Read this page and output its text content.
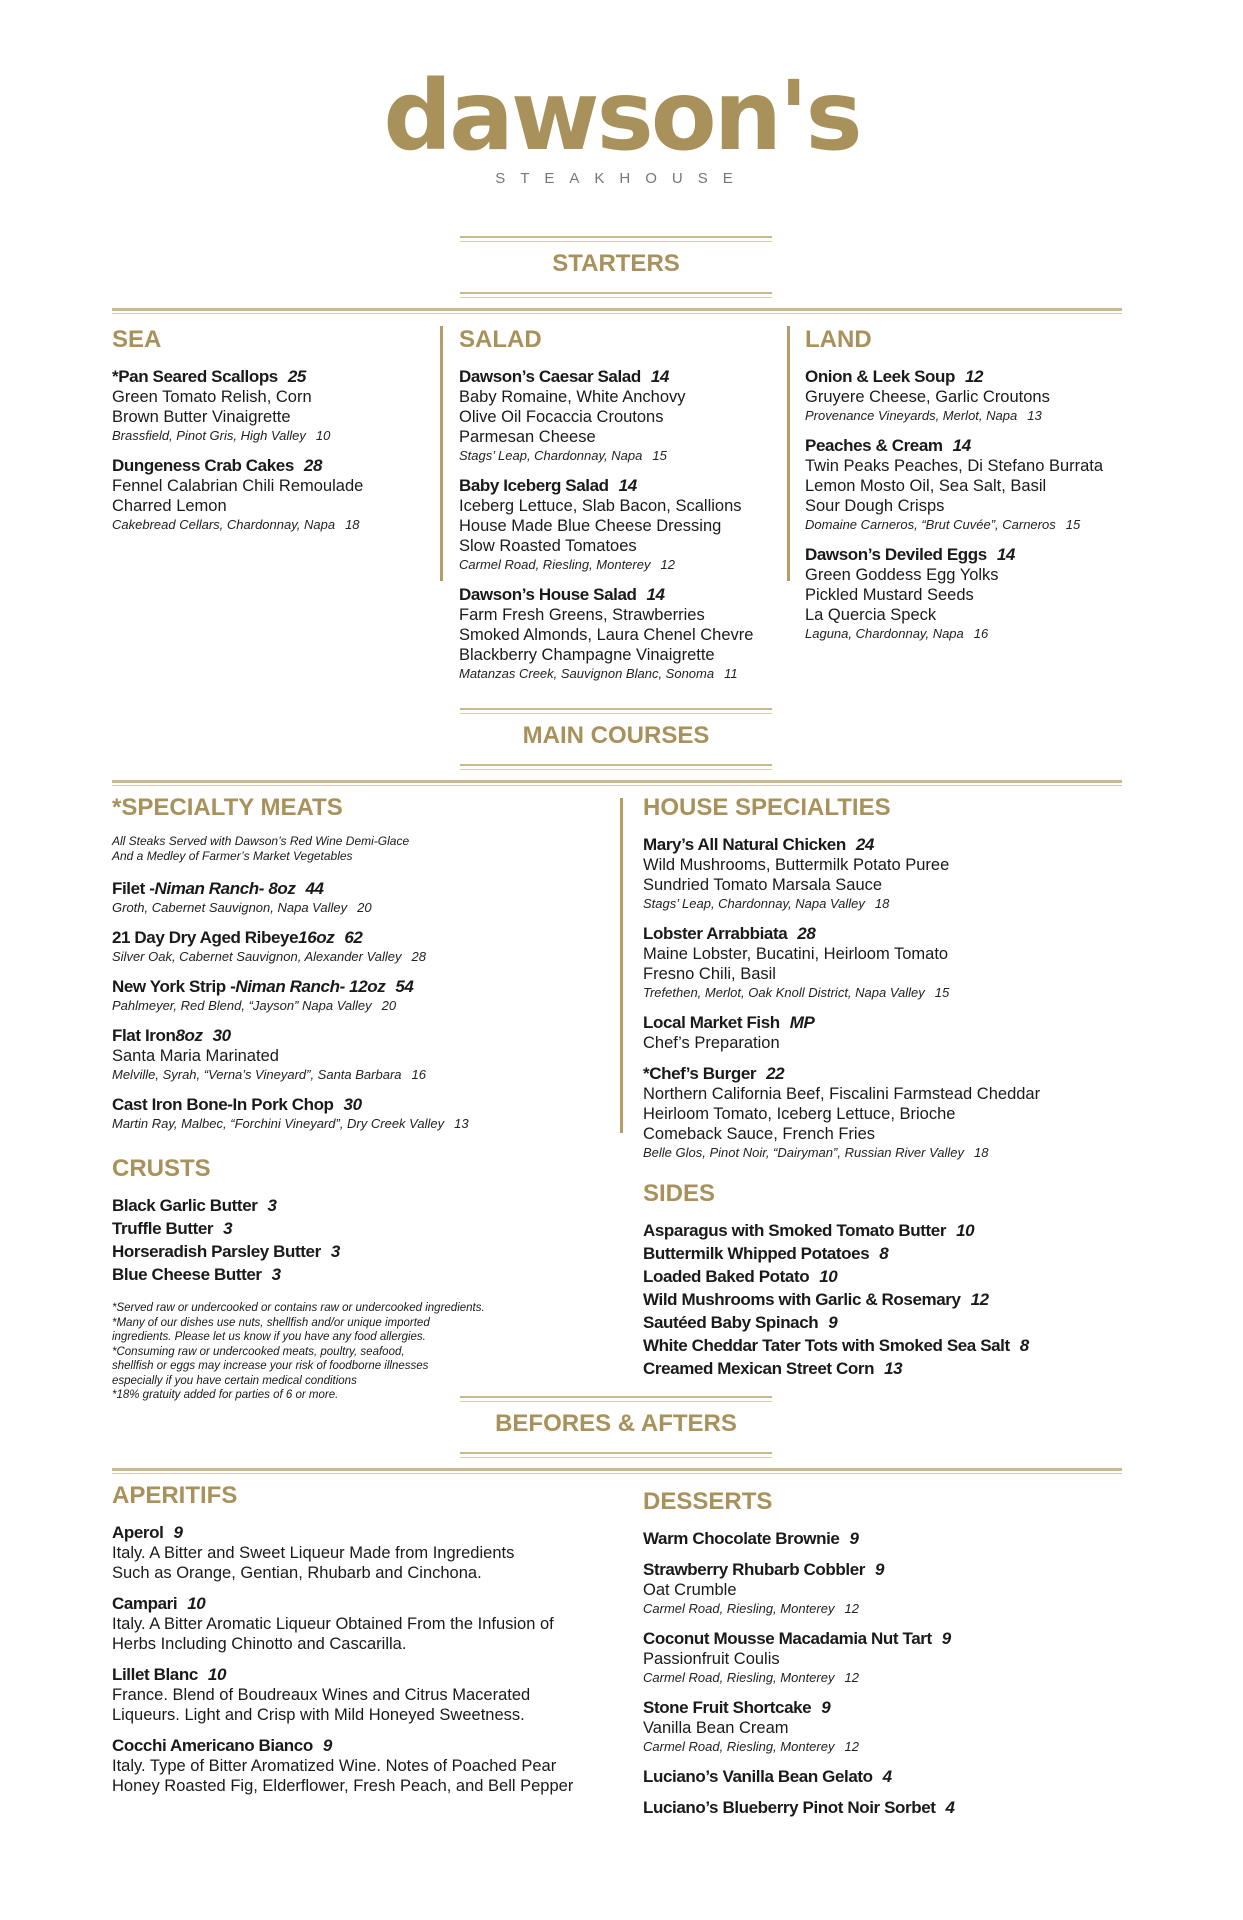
dawson's
STEAKHOUSE
STARTERS
SEA
*Pan Seared Scallops 25
Green Tomato Relish, Corn
Brown Butter Vinaigrette
Brassfield, Pinot Gris, High Valley 10
Dungeness Crab Cakes 28
Fennel Calabrian Chili Remoulade
Charred Lemon
Cakebread Cellars, Chardonnay, Napa 18
SALAD
Dawson’s Caesar Salad 14
Baby Romaine, White Anchovy
Olive Oil Focaccia Croutons
Parmesan Cheese
Stags’ Leap, Chardonnay, Napa 15
Baby Iceberg Salad 14
Iceberg Lettuce, Slab Bacon, Scallions
House Made Blue Cheese Dressing
Slow Roasted Tomatoes
Carmel Road, Riesling, Monterey 12
Dawson’s House Salad 14
Farm Fresh Greens, Strawberries
Smoked Almonds, Laura Chenel Chevre
Blackberry Champagne Vinaigrette
Matanzas Creek, Sauvignon Blanc, Sonoma 11
LAND
Onion & Leek Soup 12
Gruyere Cheese, Garlic Croutons
Provenance Vineyards, Merlot, Napa 13
Peaches & Cream 14
Twin Peaks Peaches, Di Stefano Burrata
Lemon Mosto Oil, Sea Salt, Basil
Sour Dough Crisps
Domaine Carneros, “Brut Cuvée”, Carneros 15
Dawson’s Deviled Eggs 14
Green Goddess Egg Yolks
Pickled Mustard Seeds
La Quercia Speck
Laguna, Chardonnay, Napa 16
MAIN COURSES
*SPECIALTY MEATS
All Steaks Served with Dawson’s Red Wine Demi-Glace
And a Medley of Farmer’s Market Vegetables
Filet -Niman Ranch- 8oz 44
Groth, Cabernet Sauvignon, Napa Valley 20
21 Day Dry Aged Ribeye16oz 62
Silver Oak, Cabernet Sauvignon, Alexander Valley 28
New York Strip -Niman Ranch- 12oz 54
Pahlmeyer, Red Blend, “Jayson” Napa Valley 20
Flat Iron8oz 30
Santa Maria Marinated
Melville, Syrah, “Verna’s Vineyard”, Santa Barbara 16
Cast Iron Bone-In Pork Chop 30
Martin Ray, Malbec, “Forchini Vineyard”, Dry Creek Valley 13
CRUSTS
Black Garlic Butter 3
Truffle Butter 3
Horseradish Parsley Butter 3
Blue Cheese Butter 3
*Served raw or undercooked or contains raw or undercooked ingredients.
*Many of our dishes use nuts, shellfish and/or unique imported
ingredients. Please let us know if you have any food allergies.
*Consuming raw or undercooked meats, poultry, seafood,
shellfish or eggs may increase your risk of foodborne illnesses
especially if you have certain medical conditions
*18% gratuity added for parties of 6 or more.
HOUSE SPECIALTIES
Mary’s All Natural Chicken 24
Wild Mushrooms, Buttermilk Potato Puree
Sundried Tomato Marsala Sauce
Stags’ Leap, Chardonnay, Napa Valley 18
Lobster Arrabbiata 28
Maine Lobster, Bucatini, Heirloom Tomato
Fresno Chili, Basil
Trefethen, Merlot, Oak Knoll District, Napa Valley 15
Local Market Fish MP
Chef’s Preparation
*Chef’s Burger 22
Northern California Beef, Fiscalini Farmstead Cheddar
Heirloom Tomato, Iceberg Lettuce, Brioche
Comeback Sauce, French Fries
Belle Glos, Pinot Noir, “Dairyman”, Russian River Valley 18
SIDES
Asparagus with Smoked Tomato Butter 10
Buttermilk Whipped Potatoes 8
Loaded Baked Potato 10
Wild Mushrooms with Garlic & Rosemary 12
Sautéed Baby Spinach 9
White Cheddar Tater Tots with Smoked Sea Salt 8
Creamed Mexican Street Corn 13
BEFORES & AFTERS
APERITIFS
Aperol 9
Italy. A Bitter and Sweet Liqueur Made from Ingredients
Such as Orange, Gentian, Rhubarb and Cinchona.
Campari 10
Italy. A Bitter Aromatic Liqueur Obtained From the Infusion of
Herbs Including Chinotto and Cascarilla.
Lillet Blanc 10
France. Blend of Boudreaux Wines and Citrus Macerated
Liqueurs. Light and Crisp with Mild Honeyed Sweetness.
Cocchi Americano Bianco 9
Italy. Type of Bitter Aromatized Wine. Notes of Poached Pear
Honey Roasted Fig, Elderflower, Fresh Peach, and Bell Pepper
DESSERTS
Warm Chocolate Brownie 9
Strawberry Rhubarb Cobbler 9
Oat Crumble
Carmel Road, Riesling, Monterey 12
Coconut Mousse Macadamia Nut Tart 9
Passionfruit Coulis
Carmel Road, Riesling, Monterey 12
Stone Fruit Shortcake 9
Vanilla Bean Cream
Carmel Road, Riesling, Monterey 12
Luciano’s Vanilla Bean Gelato 4
Luciano’s Blueberry Pinot Noir Sorbet 4
